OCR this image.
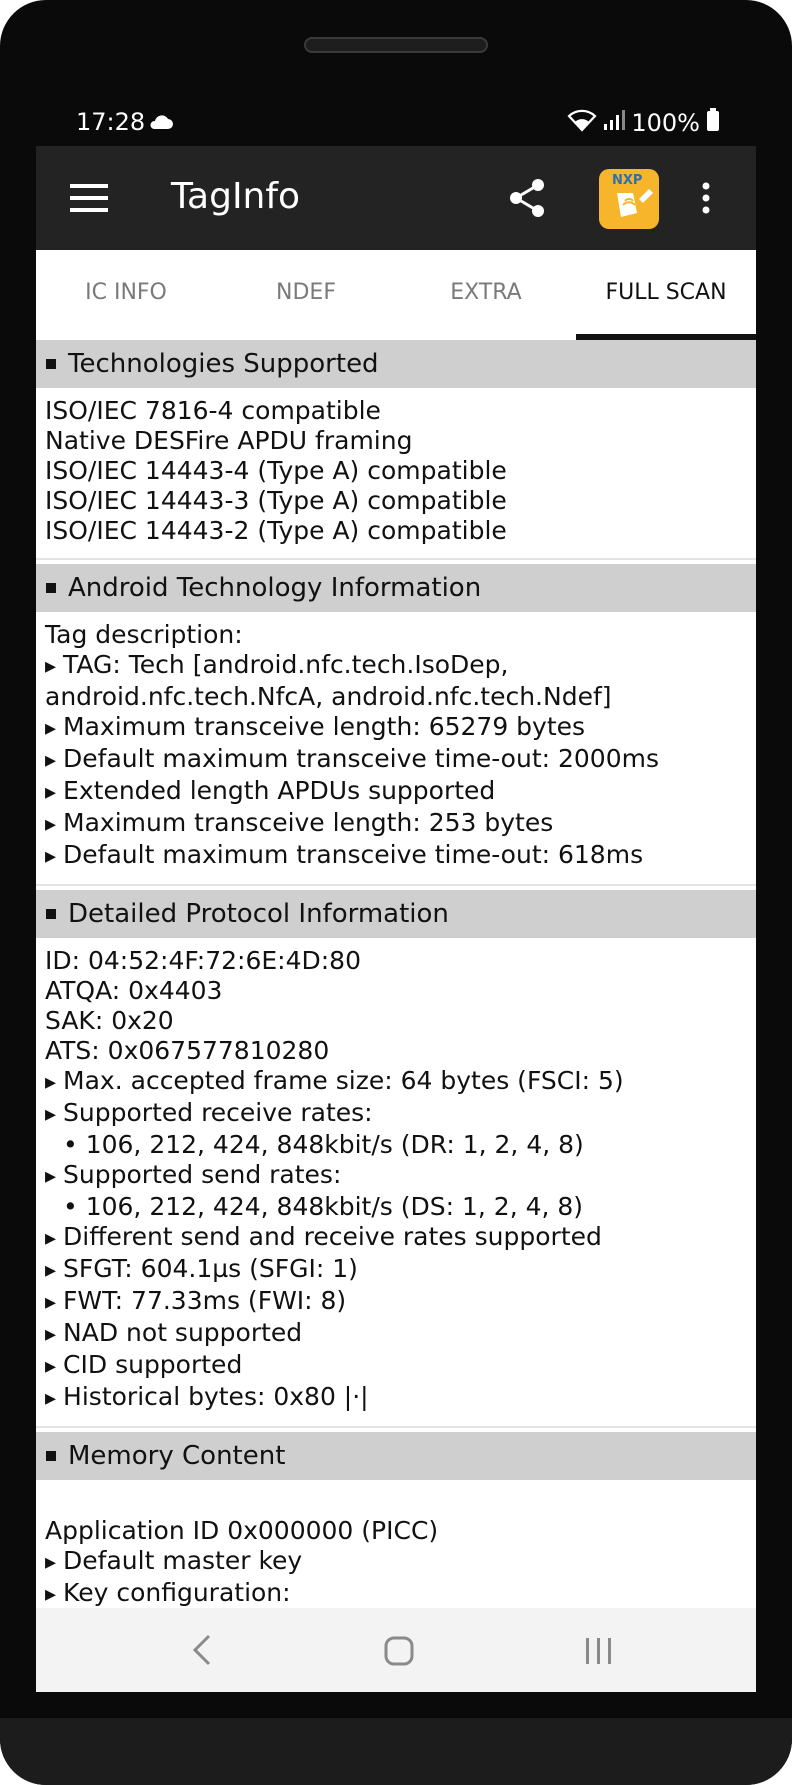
17:28	100%
TagInfo	NXP
IC INFO	NDEF	EXTRA	FULL SCAN
Technologies Supported
ISO/IEC 7816-4 compatible
Native DESFire APDU framing
ISO/IEC 14443-4 (Type A) compatible
ISO/IEC 14443-3 (Type A) compatible
ISO/IEC 14443-2 (Type A) compatible
Android Technology Information
Tag description:
▸ TAG: Tech [android.nfc.tech.IsoDep, android.nfc.tech.NfcA, android.nfc.tech.Ndef]
▸ Maximum transceive length: 65279 bytes
▸ Default maximum transceive time-out: 2000ms
▸ Extended length APDUs supported
▸ Maximum transceive length: 253 bytes
▸ Default maximum transceive time-out: 618ms
Detailed Protocol Information
ID: 04:52:4F:72:6E:4D:80
ATQA: 0x4403
SAK: 0x20
ATS: 0x067577810280
▸ Max. accepted frame size: 64 bytes (FSCI: 5)
▸ Supported receive rates:
• 106, 212, 424, 848kbit/s (DR: 1, 2, 4, 8)
▸ Supported send rates:
• 106, 212, 424, 848kbit/s (DS: 1, 2, 4, 8)
▸ Different send and receive rates supported
▸ SFGT: 604.1µs (SFGI: 1)
▸ FWT: 77.33ms (FWI: 8)
▸ NAD not supported
▸ CID supported
▸ Historical bytes: 0x80 |·|
Memory Content
Application ID 0x000000 (PICC)
▸ Default master key
▸ Key configuration:
